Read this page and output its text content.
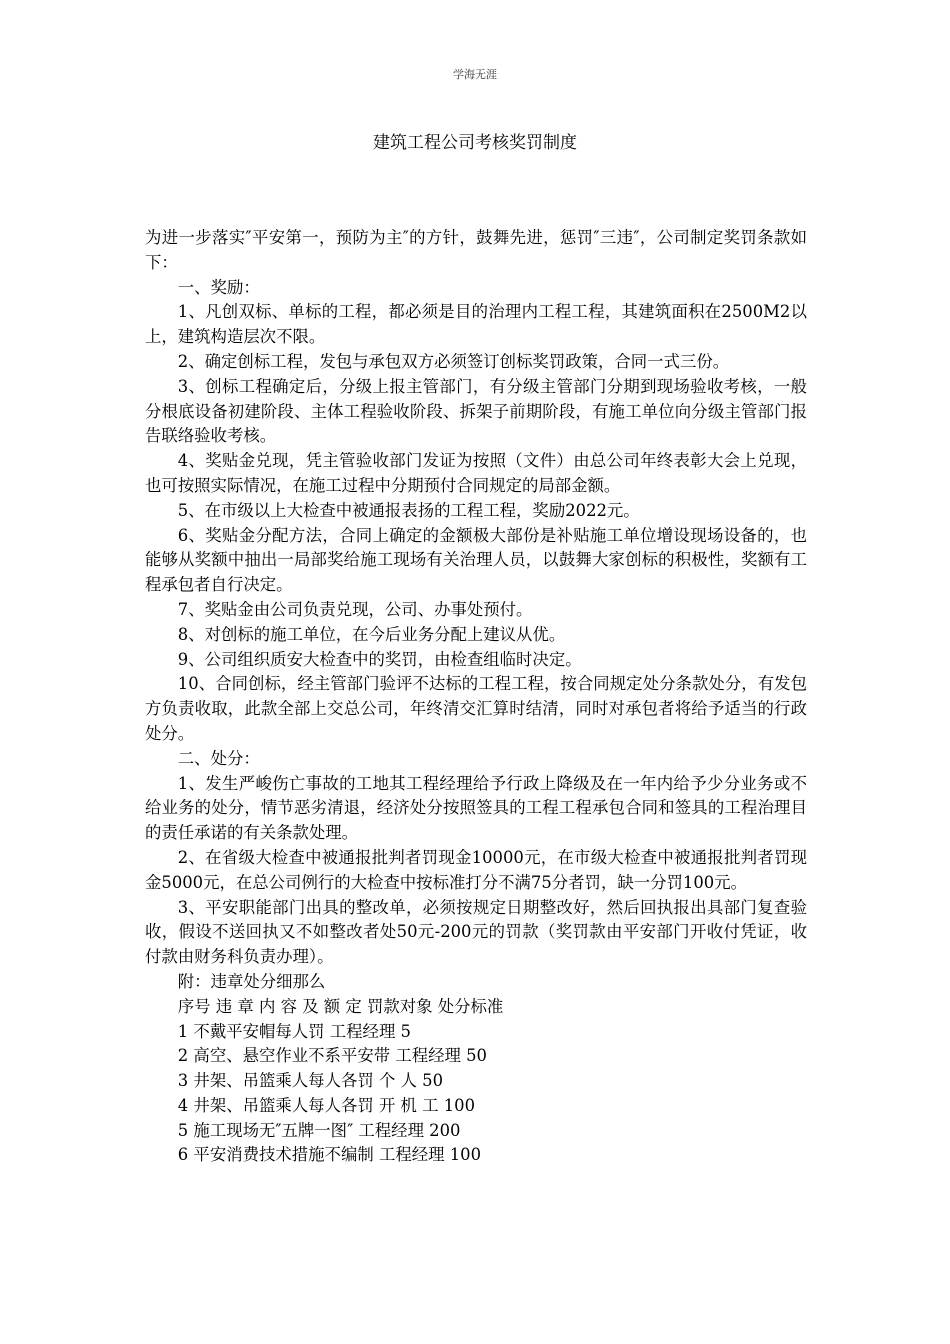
学海无涯
建筑工程公司考核奖罚制度

为进一步落实″平安第一，预防为主″的方针，鼓舞先进，惩罚″三违″，公司制定奖罚条款如下：

一、奖励：

1、凡创双标、单标的工程，都必须是目的治理内工程工程，其建筑面积在2500M2以上，建筑构造层次不限。

2、确定创标工程，发包与承包双方必须签订创标奖罚政策，合同一式三份。

3、创标工程确定后，分级上报主管部门，有分级主管部门分期到现场验收考核，一般分根底设备初建阶段、主体工程验收阶段、拆架子前期阶段，有施工单位向分级主管部门报告联络验收考核。

4、奖贴金兑现，凭主管验收部门发证为按照（文件）由总公司年终表彰大会上兑现，也可按照实际情况，在施工过程中分期预付合同规定的局部金额。

5、在市级以上大检查中被通报表扬的工程工程，奖励2022元。

6、奖贴金分配方法，合同上确定的金额极大部份是补贴施工单位增设现场设备的，也能够从奖额中抽出一局部奖给施工现场有关治理人员，以鼓舞大家创标的积极性，奖额有工程承包者自行决定。

7、奖贴金由公司负责兑现，公司、办事处预付。

8、对创标的施工单位，在今后业务分配上建议从优。

9、公司组织质安大检查中的奖罚，由检查组临时决定。

10、合同创标，经主管部门验评不达标的工程工程，按合同规定处分条款处分，有发包方负责收取，此款全部上交总公司，年终清交汇算时结清，同时对承包者将给予适当的行政处分。

二、处分：

1、发生严峻伤亡事故的工地其工程经理给予行政上降级及在一年内给予少分业务或不给业务的处分，情节恶劣清退，经济处分按照签具的工程工程承包合同和签具的工程治理目的责任承诺的有关条款处理。

2、在省级大检查中被通报批判者罚现金10000元，在市级大检查中被通报批判者罚现金5000元，在总公司例行的大检查中按标准打分不满75分者罚，缺一分罚100元。

3、平安职能部门出具的整改单，必须按规定日期整改好，然后回执报出具部门复查验收，假设不送回执又不如整改者处50元-200元的罚款（奖罚款由平安部门开收付凭证，收付款由财务科负责办理）。

附：违章处分细那么

序号 违 章 内 容 及 额 定 罚款对象 处分标准

1 不戴平安帽每人罚 工程经理 5

2 高空、悬空作业不系平安带 工程经理 50

3 井架、吊篮乘人每人各罚 个 人 50

4 井架、吊篮乘人每人各罚 开 机 工 100

5 施工现场无″五牌一图″ 工程经理 200

6 平安消费技术措施不编制 工程经理 100
